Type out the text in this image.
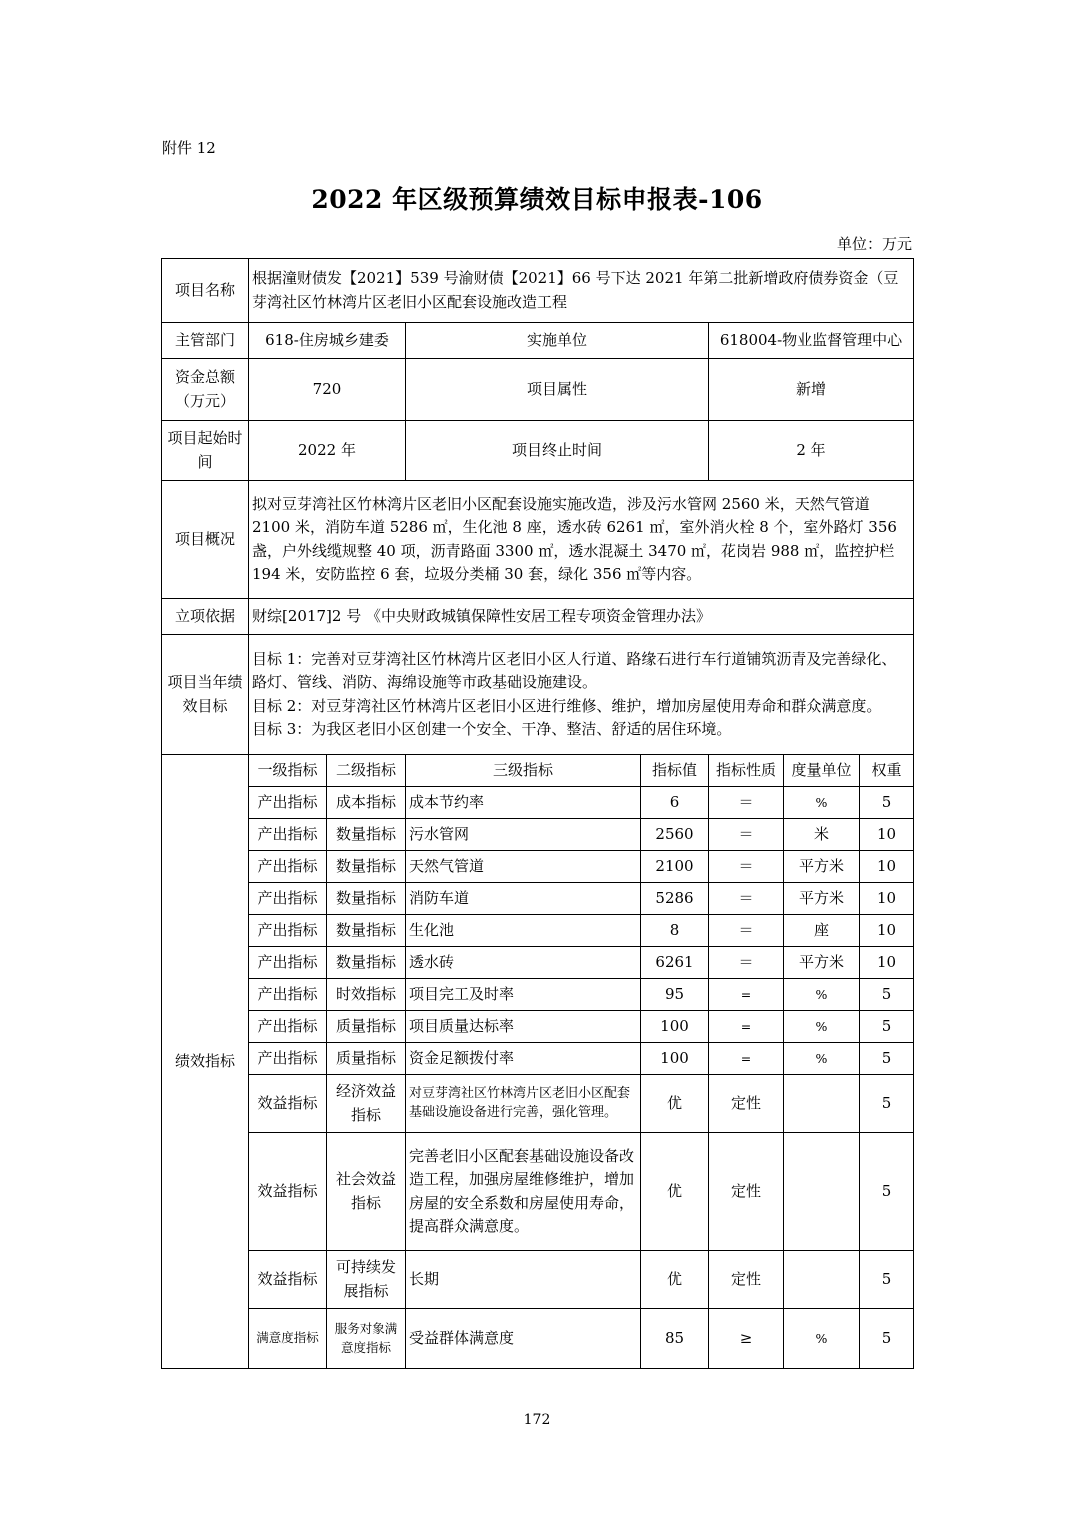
附件 12
2022 年区级预算绩效目标申报表-106
单位：万元
项目名称	根据潼财债发【2021】539 号渝财债【2021】66 号下达 2021 年第二批新增政府债券资金（豆芽湾社区竹林湾片区老旧小区配套设施改造工程						
主管部门	618-住房城乡建委		实施单位		618004-物业监督管理中心		
资金总额（万元）	720		项目属性		新增		
项目起始时间	2022 年		项目终止时间		2 年		
项目概况	拟对豆芽湾社区竹林湾片区老旧小区配套设施实施改造，涉及污水管网 2560 米，天然气管道 2100 米，消防车道 5286 ㎡，生化池 8 座，透水砖 6261 ㎡，室外消火栓 8 个，室外路灯 356 盏，户外线缆规整 40 项，沥青路面 3300 ㎡，透水混凝土 3470 ㎡，花岗岩 988 ㎡，监控护栏 194 米，安防监控 6 套，垃圾分类桶 30 套，绿化 356 ㎡等内容。						
立项依据	财综[2017]2 号 《中央财政城镇保障性安居工程专项资金管理办法》						
项目当年绩效目标	目标 1：完善对豆芽湾社区竹林湾片区老旧小区人行道、路缘石进行车行道铺筑沥青及完善绿化、路灯、管线、消防、海绵设施等市政基础设施建设。
目标 2：对豆芽湾社区竹林湾片区老旧小区进行维修、维护，增加房屋使用寿命和群众满意度。
目标 3：为我区老旧小区创建一个安全、干净、整洁、舒适的居住环境。						

绩效指标	一级指标	二级指标	三级指标	指标值	指标性质	度量单位	权重
	产出指标	成本指标	成本节约率	6	＝	%	5
	产出指标	数量指标	污水管网	2560	＝	米	10
	产出指标	数量指标	天然气管道	2100	＝	平方米	10
	产出指标	数量指标	消防车道	5286	＝	平方米	10
	产出指标	数量指标	生化池	8	＝	座	10
	产出指标	数量指标	透水砖	6261	＝	平方米	10
	产出指标	时效指标	项目完工及时率	95	=	%	5
	产出指标	质量指标	项目质量达标率	100	=	%	5
	产出指标	质量指标	资金足额拨付率	100	=	%	5
	效益指标	经济效益指标	对豆芽湾社区竹林湾片区老旧小区配套基础设施设备进行完善，强化管理。	优	定性		5
	效益指标	社会效益指标	完善老旧小区配套基础设施设备改造工程，加强房屋维修维护，增加房屋的安全系数和房屋使用寿命，提高群众满意度。	优	定性		5
	效益指标	可持续发展指标	长期	优	定性		5
	满意度指标	服务对象满意度指标	受益群体满意度	85	≥	%	5
172
